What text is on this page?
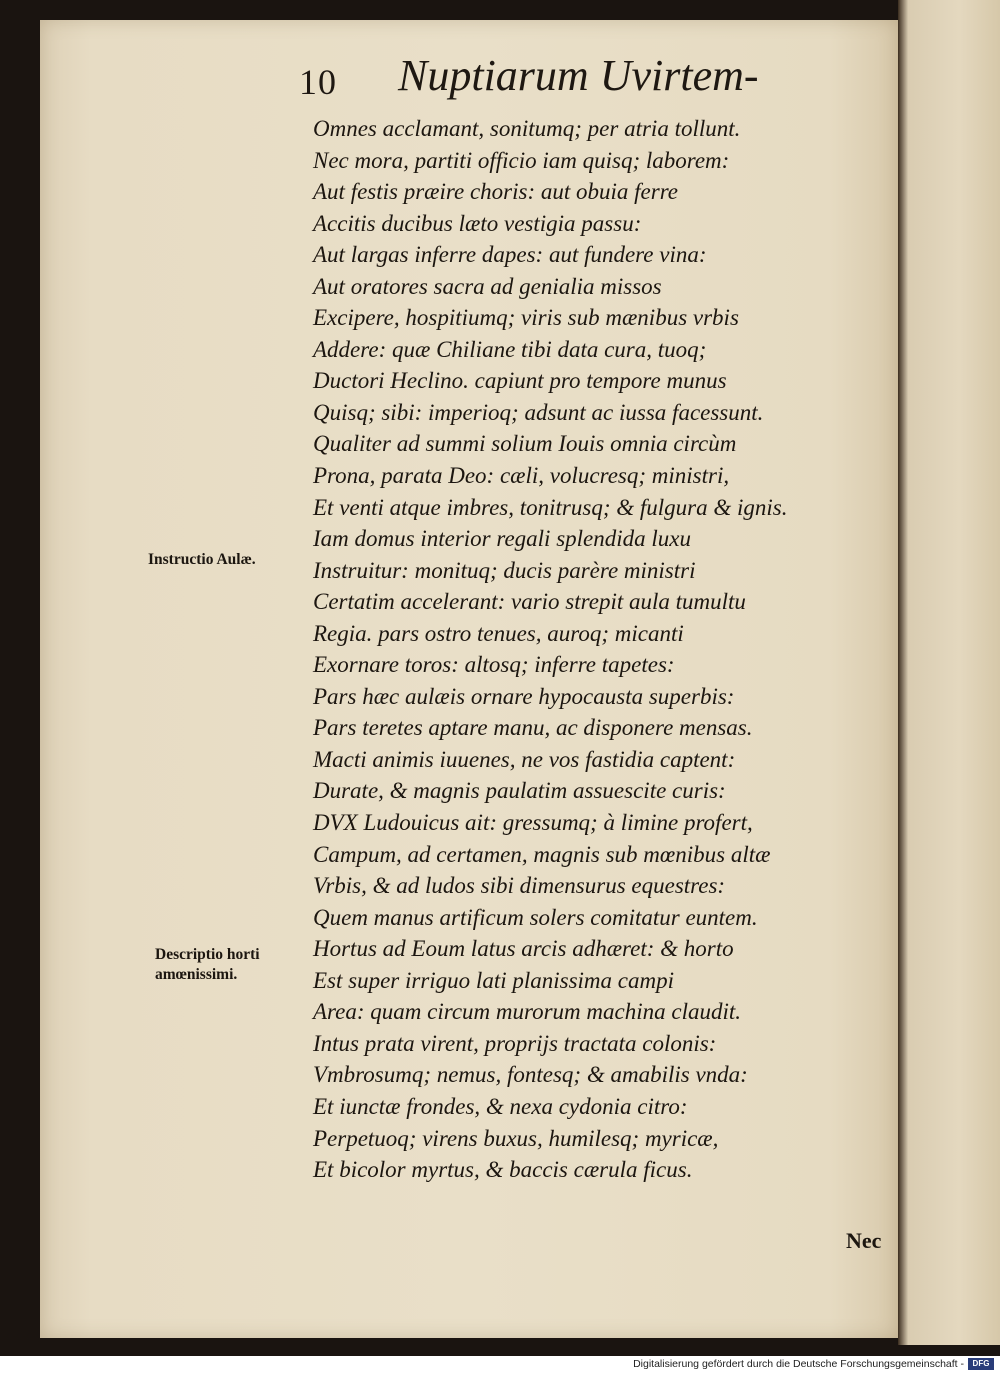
10 Nuptiarum Uvirtem-
Omnes acclamant, sonitumq; per atria tollunt.
Nec mora, partiti officio iam quisq; laborem:
Aut festis præire choris: aut obuia ferre
Accitis ducibus læto vestigia passu:
Aut largas inferre dapes: aut fundere vina:
Aut oratores sacra ad genialia missos
Excipere, hospitiumq; viris sub mænibus vrbis
Addere: quæ Chiliane tibi data cura, tuoq;
Ductori Heclino. capiunt pro tempore munus
Quisq; sibi: imperioq; adsunt ac iussa facessunt.
Qualiter ad summi solium Iouis omnia circùm
Prona, parata Deo: cæli, volucresq; ministri,
Et venti atque imbres, tonitrusq; & fulgura & ignis.
Iam domus interior regali splendida luxu
Instruitur: monituq; ducis parère ministri
Certatim accelerant: vario strepit aula tumultu
Regia. pars ostro tenues, auroq; micanti
Exornare toros: altosq; inferre tapetes:
Pars hæc aulæis ornare hypocausta superbis:
Pars teretes aptare manu, ac disponere mensas.
Macti animis iuuenes, ne vos fastidia captent:
Durate, & magnis paulatim assuescite curis:
DVX Ludouicus ait: gressumq; à limine profert,
Campum, ad certamen, magnis sub mœnibus altæ
Vrbis, & ad ludos sibi dimensurus equestres:
Quem manus artificum solers comitatur euntem.
Hortus ad Eoum latus arcis adhæret: & horto
Est super irriguo lati planissima campi
Area: quam circum murorum machina claudit.
Intus prata virent, proprijs tractata colonis:
Vmbrosumq; nemus, fontesq; & amabilis vnda:
Et iunctæ frondes, & nexa cydonia citro:
Perpetuoq; virens buxus, humilesq; myricæ,
Et bicolor myrtus, & baccis cærula ficus.
Instructio Aulæ.
Descriptio horti
amœnissimi.
Nec
Digitalisierung gefördert durch die Deutsche Forschungsgemeinschaft -	DFG
